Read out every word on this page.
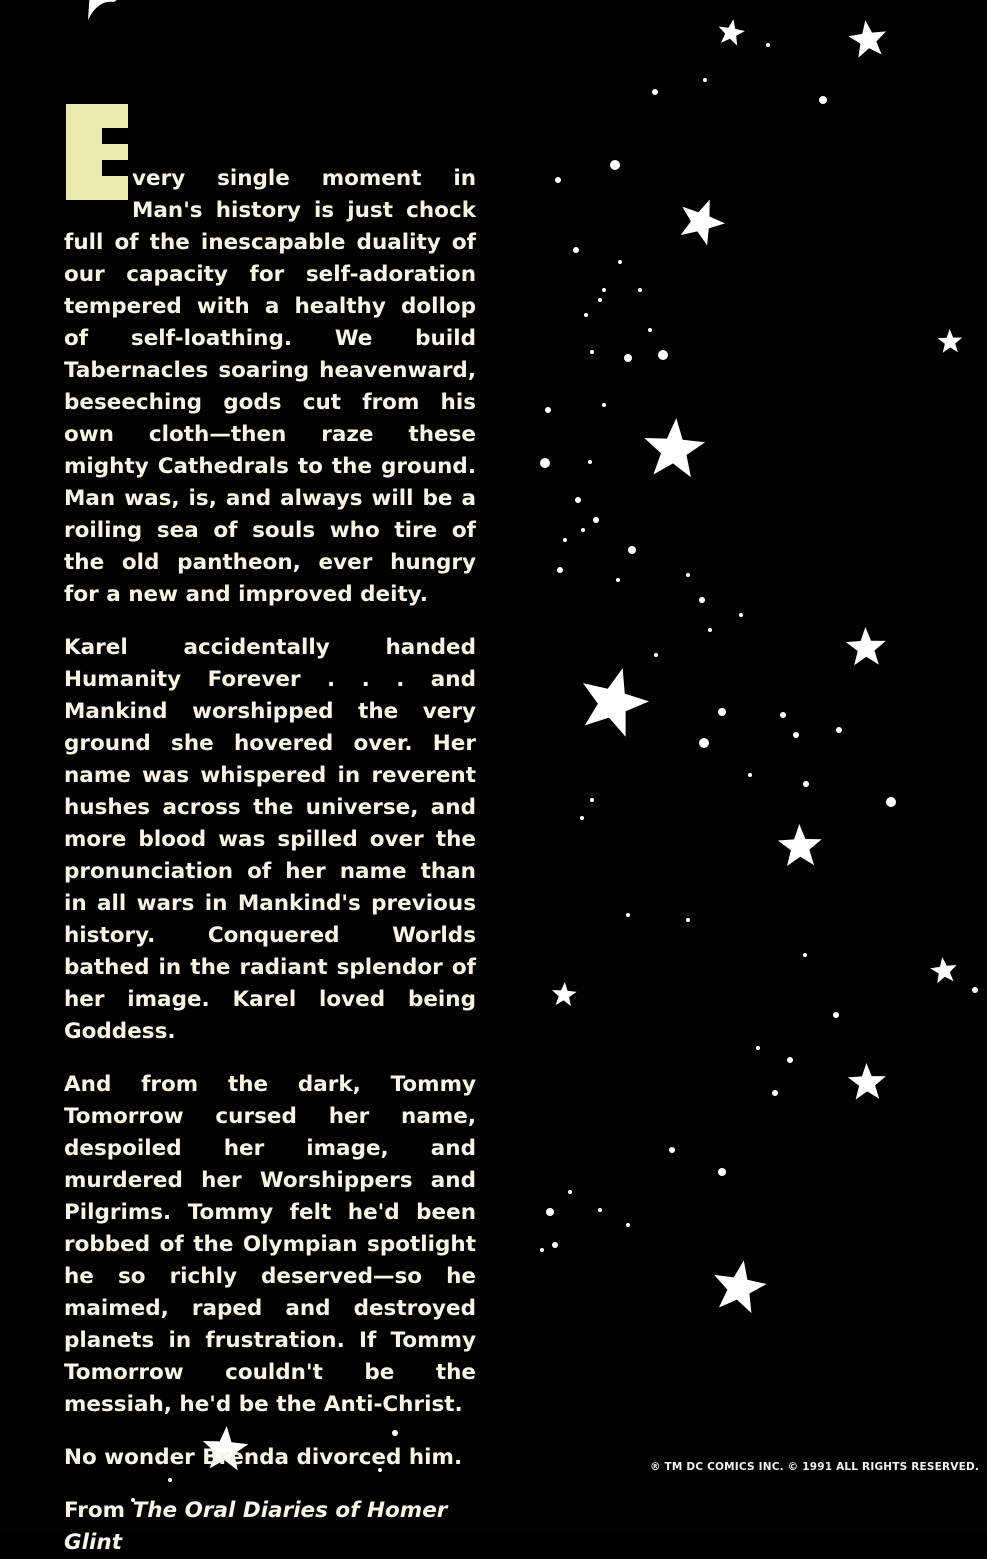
very single moment in Man's history is just chock full of the inescapable duality of our capacity for self-adoration tempered with a healthy dollop of self-loathing. We build Tabernacles soaring heavenward, beseeching gods cut from his own cloth—then raze these mighty Cathedrals to the ground. Man was, is, and always will be a roiling sea of souls who tire of the old pantheon, ever hungry for a new and improved deity.

Karel accidentally handed Humanity Forever . . . and Mankind worshipped the very ground she hovered over. Her name was whispered in reverent hushes across the universe, and more blood was spilled over the pronunciation of her name than in all wars in Mankind's previous history. Conquered Worlds bathed in the radiant splendor of her image. Karel loved being Goddess.

And from the dark, Tommy Tomorrow cursed her name, despoiled her image, and murdered her Worshippers and Pilgrims. Tommy felt he'd been robbed of the Olympian spotlight he so richly deserved—so he maimed, raped and destroyed planets in frustration. If Tommy Tomorrow couldn't be the messiah, he'd be the Anti-Christ.

No wonder Brenda divorced him.

From The Oral Diaries of Homer Glint

® TM DC COMICS INC. © 1991 ALL RIGHTS RESERVED.
